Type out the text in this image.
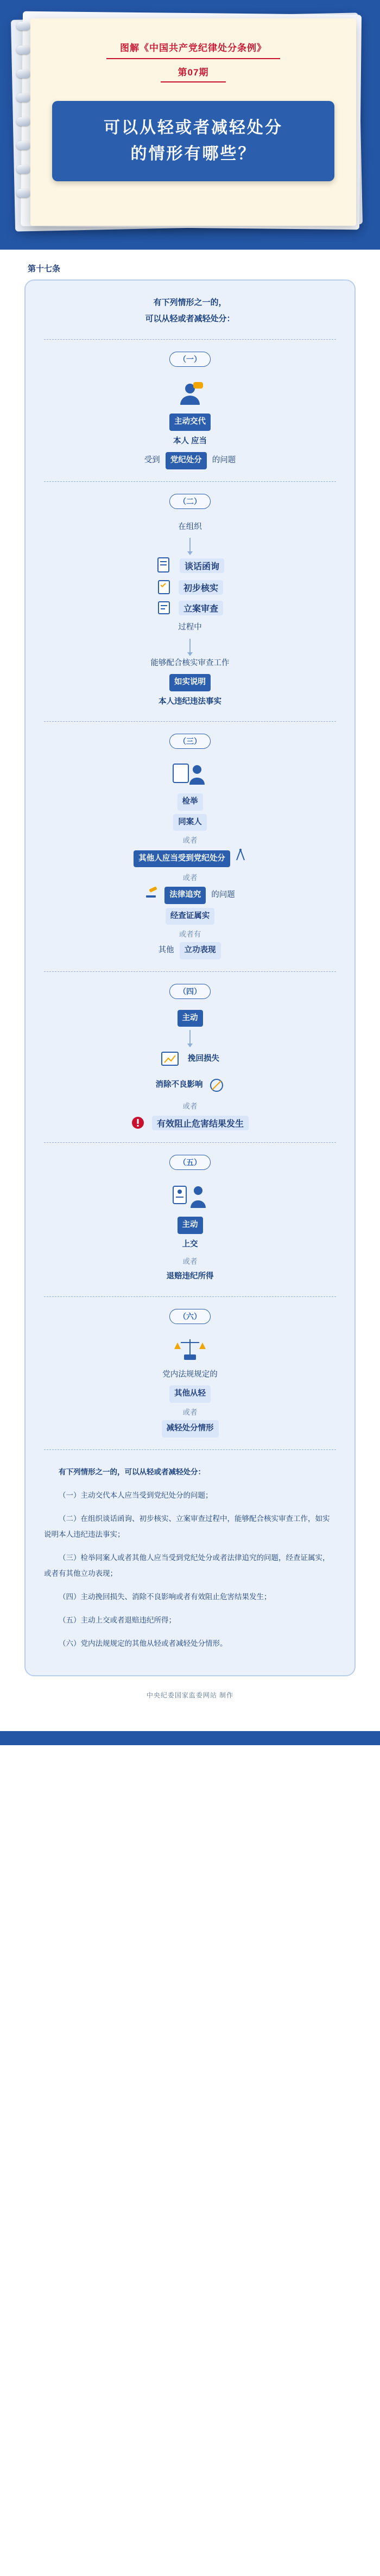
图解《中国共产党纪律处分条例》
第07期
可以从轻或者减轻处分
的情形有哪些？
第十七条
有下列情形之一的，
可以从轻或者减轻处分：
（一）
主动交代
本人 应当
受到  党纪处分  的问题
（二）
在组织
谈话函询
初步核实
立案审查
过程中
能够配合核实审查工作
如实说明
本人违纪违法事实
（三）
检举
同案人
或者
其他人应当受到党纪处分
或者
法律追究  的问题
经查证属实
或者有
其他  立功表现
（四）
主动
挽回损失
消除不良影响
或者
有效阻止危害结果发生
（五）
主动
上交
或者
退赔违纪所得
（六）
党内法规规定的
其他从轻
或者
减轻处分情形

有下列情形之一的，可以从轻或者减轻处分：

（一）主动交代本人应当受到党纪处分的问题；

（二）在组织谈话函询、初步核实、立案审查过程中，能够配合核实审查工作，如实说明本人违纪违法事实；

（三）检举同案人或者其他人应当受到党纪处分或者法律追究的问题，经查证属实，或者有其他立功表现；

（四）主动挽回损失、消除不良影响或者有效阻止危害结果发生；

（五）主动上交或者退赔违纪所得；

（六）党内法规规定的其他从轻或者减轻处分情形。

中央纪委国家监委网站 制作
